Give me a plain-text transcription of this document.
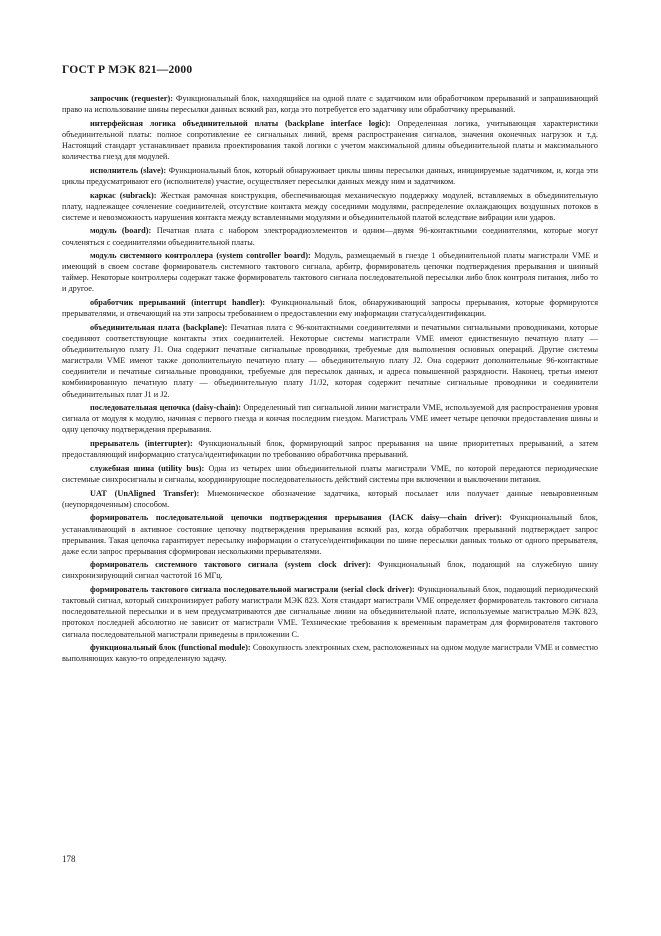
ГОСТ Р МЭК 821—2000

запросчик (requester): Функциональный блок, находящийся на одной плате с задатчиком или обработчиком прерываний и запрашивающий право на использование шины пересылки данных всякий раз, когда это потребуется его задатчику или обработчику прерываний.

интерфейсная логика объединительной платы (backplane interface logic): Определенная логика, учитывающая характеристики объединительной платы: полное сопротивление ее сигнальных линий, время распространения сигналов, значения оконечных нагрузок и т.д. Настоящий стандарт устанавливает правила проектирования такой логики с учетом максимальной длины объединительной платы и максимального количества гнезд для модулей.

исполнитель (slave): Функциональный блок, который обнаруживает циклы шины пересылки данных, инициируемые задатчиком, и, когда эти циклы предусматривают его (исполнителя) участие, осуществляет пересылки данных между ним и задатчиком.

каркас (subrack): Жесткая рамочная конструкция, обеспечивающая механическую поддержку модулей, вставляемых в объединительную плату, надлежащее сочленение соединителей, отсутствие контакта между соседними модулями, распределение охлаждающих воздушных потоков в системе и невозможность нарушения контакта между вставленными модулями и объединительной платой вследствие вибрации или ударов.

модуль (board): Печатная плата с набором электрорадиоэлементов и одним—двумя 96-контактными соединителями, которые могут сочленяться с соединителями объединительной платы.

модуль системного контроллера (system controller board): Модуль, размещаемый в гнезде 1 объединительной платы магистрали VME и имеющий в своем составе формирователь системного тактового сигнала, арбитр, формирователь цепочки подтверждения прерывания и шинный таймер. Некоторые контроллеры содержат также формирователь тактового сигнала последовательной пересылки либо блок контроля питания, либо то и другое.

обработчик прерываний (interrupt handler): Функциональный блок, обнаруживающий запросы прерывания, которые формируются прерывателями, и отвечающий на эти запросы требованием о предоставлении ему информации статуса/идентификации.

объединительная плата (backplane): Печатная плата с 96-контактными соединителями и печатными сигнальными проводниками, которые соединяют соответствующие контакты этих соединителей. Некоторые системы магистрали VME имеют единственную печатную плату — объединительную плату J1. Она содержит печатные сигнальные проводники, требуемые для выполнения основных операций. Другие системы магистрали VME имеют также дополнительную печатную плату — объединительную плату J2. Она содержит дополнительные 96-контактные соединители и печатные сигнальные проводники, требуемые для пересылок данных, и адреса повышенной разрядности. Наконец, третьи имеют комбинированную печатную плату — объединительную плату J1/J2, которая содержит печатные сигнальные проводники и соединители объединительных плат J1 и J2.

последовательная цепочка (daisy-chain): Определенный тип сигнальной линии магистрали VME, используемой для распространения уровня сигнала от модуля к модулю, начиная с первого гнезда и кончая последним гнездом. Магистраль VME имеет четыре цепочки предоставления шины и одну цепочку подтверждения прерывания.

прерыватель (interrupter): Функциональный блок, формирующий запрос прерывания на шине приоритетных прерываний, а затем предоставляющий информацию статуса/идентификации по требованию обработчика прерываний.

служебная шина (utility bus): Одна из четырех шин объединительной платы магистрали VME, по которой передаются периодические системные синхросигналы и сигналы, координирующие последовательность действий системы при включении и выключении питания.

UAT (UnAligned Transfer): Мнемоническое обозначение задатчика, который посылает или получает данные невыровненным (неупорядоченным) способом.

формирователь последовательной цепочки подтверждения прерывания (IACK daisy—chain driver): Функциональный блок, устанавливающий в активное состояние цепочку подтверждения прерывания всякий раз, когда обработчик прерываний подтверждает запрос прерывания. Такая цепочка гарантирует пересылку информации о статусе/идентификации по шине пересылки данных только от одного прерывателя, даже если запрос прерывания сформирован несколькими прерывателями.

формирователь системного тактового сигнала (system clock driver): Функциональный блок, подающий на служебную шину синхронизирующий сигнал частотой 16 МГц.

формирователь тактового сигнала последовательной магистрали (serial clock driver): Функциональный блок, подающий периодический тактовый сигнал, который синхронизирует работу магистрали МЭК 823. Хотя стандарт магистрали VME определяет формирователь тактового сигнала последовательной пересылки и в нем предусматриваются две сигнальные линии на объединительной плате, используемые магистралью МЭК 823, протокол последней абсолютно не зависит от магистрали VME. Технические требования к временным параметрам для формирователя тактового сигнала последовательной магистрали приведены в приложении C.

функциональный блок (functional module): Совокупность электронных схем, расположенных на одном модуле магистрали VME и совместно выполняющих какую-то определенную задачу.

178
